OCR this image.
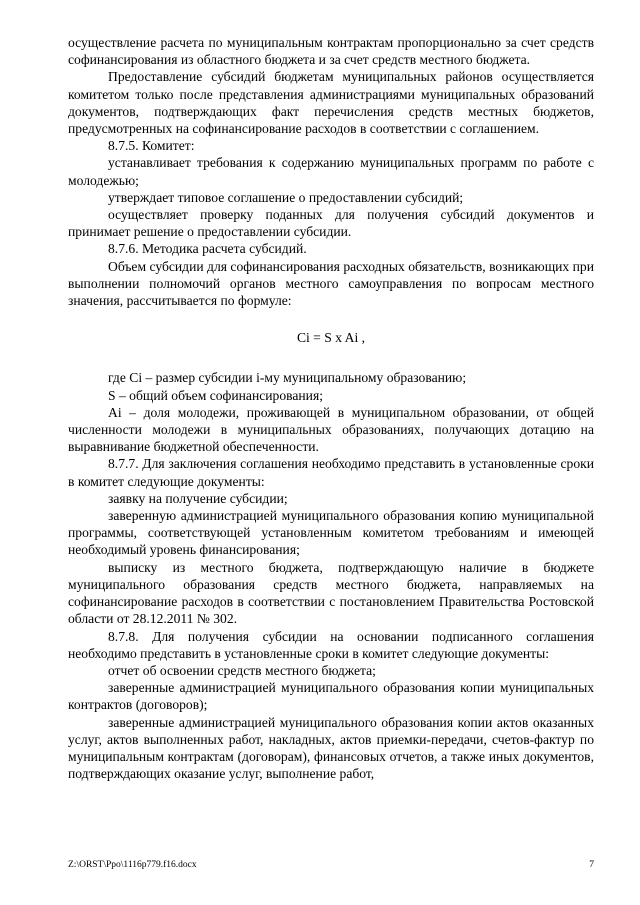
осуществление расчета по муниципальным контрактам пропорционально за счет средств софинансирования из областного бюджета и за счет средств местного бюджета.

Предоставление субсидий бюджетам муниципальных районов осуществляется комитетом только после представления администрациями муниципальных образований документов, подтверждающих факт перечисления средств местных бюджетов, предусмотренных на софинансирование расходов в соответствии с соглашением.

8.7.5. Комитет:

устанавливает требования к содержанию муниципальных программ по работе с молодежью;

утверждает типовое соглашение о предоставлении субсидий;

осуществляет проверку поданных для получения субсидий документов и принимает решение о предоставлении субсидии.

8.7.6. Методика расчета субсидий.

Объем субсидии для софинансирования расходных обязательств, возникающих при выполнении полномочий органов местного самоуправления по вопросам местного значения, рассчитывается по формуле:

Ci = S x Ai ,

где Ci – размер субсидии i-му муниципальному образованию;

S – общий объем софинансирования;

Ai – доля молодежи, проживающей в муниципальном образовании, от общей численности молодежи в муниципальных образованиях, получающих дотацию на выравнивание бюджетной обеспеченности.

8.7.7. Для заключения соглашения необходимо представить в установленные сроки в комитет следующие документы:

заявку на получение субсидии;

заверенную администрацией муниципального образования копию муниципальной программы, соответствующей установленным комитетом требованиям и имеющей необходимый уровень финансирования;

выписку из местного бюджета, подтверждающую наличие в бюджете муниципального образования средств местного бюджета, направляемых на софинансирование расходов в соответствии с постановлением Правительства Ростовской области от 28.12.2011 № 302.

8.7.8. Для получения субсидии на основании подписанного соглашения необходимо представить в установленные сроки в комитет следующие документы:

отчет об освоении средств местного бюджета;

заверенные администрацией муниципального образования копии муниципальных контрактов (договоров);

заверенные администрацией муниципального образования копии актов оказанных услуг, актов выполненных работ, накладных, актов приемки-передачи, счетов-фактур по муниципальным контрактам (договорам), финансовых отчетов, а также иных документов, подтверждающих оказание услуг, выполнение работ,

Z:\ORST\Ppo\1116p779.f16.docx	7
